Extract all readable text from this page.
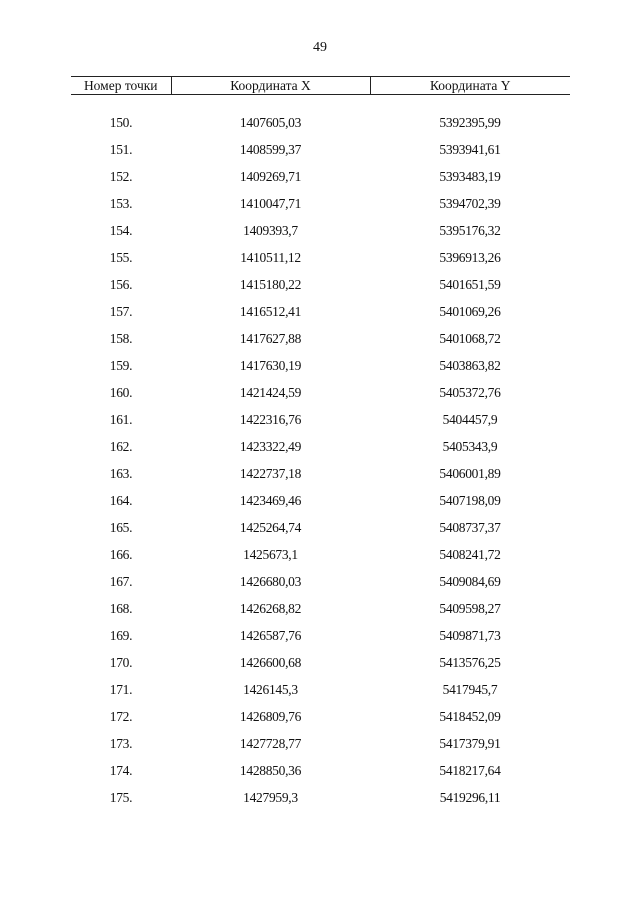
49
Номер точки	Координата X	Координата Y

150.	1407605,03	5392395,99
151.	1408599,37	5393941,61
152.	1409269,71	5393483,19
153.	1410047,71	5394702,39
154.	1409393,7	5395176,32
155.	1410511,12	5396913,26
156.	1415180,22	5401651,59
157.	1416512,41	5401069,26
158.	1417627,88	5401068,72
159.	1417630,19	5403863,82
160.	1421424,59	5405372,76
161.	1422316,76	5404457,9
162.	1423322,49	5405343,9
163.	1422737,18	5406001,89
164.	1423469,46	5407198,09
165.	1425264,74	5408737,37
166.	1425673,1	5408241,72
167.	1426680,03	5409084,69
168.	1426268,82	5409598,27
169.	1426587,76	5409871,73
170.	1426600,68	5413576,25
171.	1426145,3	5417945,7
172.	1426809,76	5418452,09
173.	1427728,77	5417379,91
174.	1428850,36	5418217,64
175.	1427959,3	5419296,11
